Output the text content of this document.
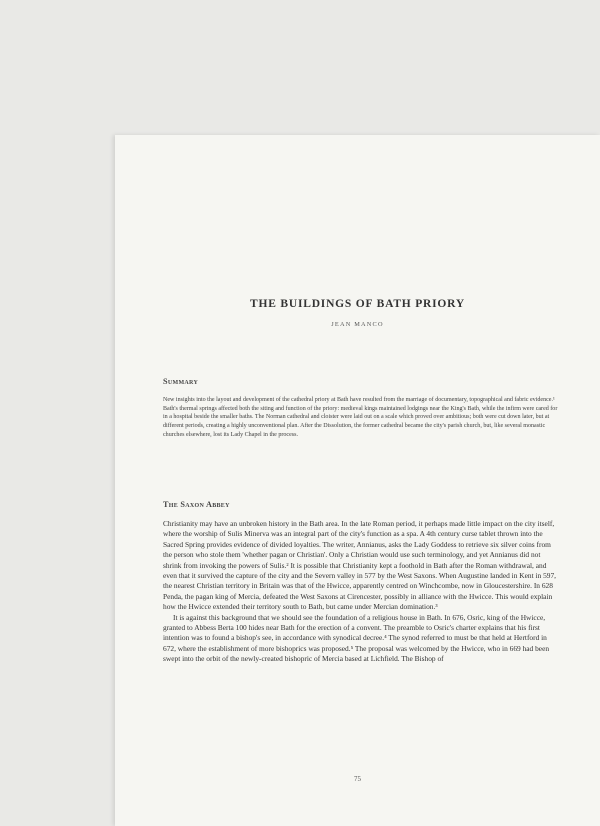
THE BUILDINGS OF BATH PRIORY
JEAN MANCO
Summary

New insights into the layout and development of the cathedral priory at Bath have resulted from the marriage of documentary, topographical and fabric evidence.¹ Bath's thermal springs affected both the siting and function of the priory: medieval kings maintained lodgings near the King's Bath, while the infirm were cared for in a hospital beside the smaller baths. The Norman cathedral and cloister were laid out on a scale which proved over ambitious; both were cut down later, but at different periods, creating a highly unconventional plan. After the Dissolution, the former cathedral became the city's parish church, but, like several monastic churches elsewhere, lost its Lady Chapel in the process.

The Saxon Abbey

Christianity may have an unbroken history in the Bath area. In the late Roman period, it perhaps made little impact on the city itself, where the worship of Sulis Minerva was an integral part of the city's function as a spa. A 4th century curse tablet thrown into the Sacred Spring provides evidence of divided loyalties. The writer, Annianus, asks the Lady Goddess to retrieve six silver coins from the person who stole them 'whether pagan or Christian'. Only a Christian would use such terminology, and yet Annianus did not shrink from invoking the powers of Sulis.² It is possible that Christianity kept a foothold in Bath after the Roman withdrawal, and even that it survived the capture of the city and the Severn valley in 577 by the West Saxons. When Augustine landed in Kent in 597, the nearest Christian territory in Britain was that of the Hwicce, apparently centred on Winchcombe, now in Gloucestershire. In 628 Penda, the pagan king of Mercia, defeated the West Saxons at Cirencester, possibly in alliance with the Hwicce. This would explain how the Hwicce extended their territory south to Bath, but came under Mercian domination.³

It is against this background that we should see the foundation of a religious house in Bath. In 676, Osric, king of the Hwicce, granted to Abbess Berta 100 hides near Bath for the erection of a convent. The preamble to Osric's charter explains that his first intention was to found a bishop's see, in accordance with synodical decree.⁴ The synod referred to must be that held at Hertford in 672, where the establishment of more bishoprics was proposed.⁵ The proposal was welcomed by the Hwicce, who in 669 had been swept into the orbit of the newly-created bishopric of Mercia based at Lichfield. The Bishop of

75
